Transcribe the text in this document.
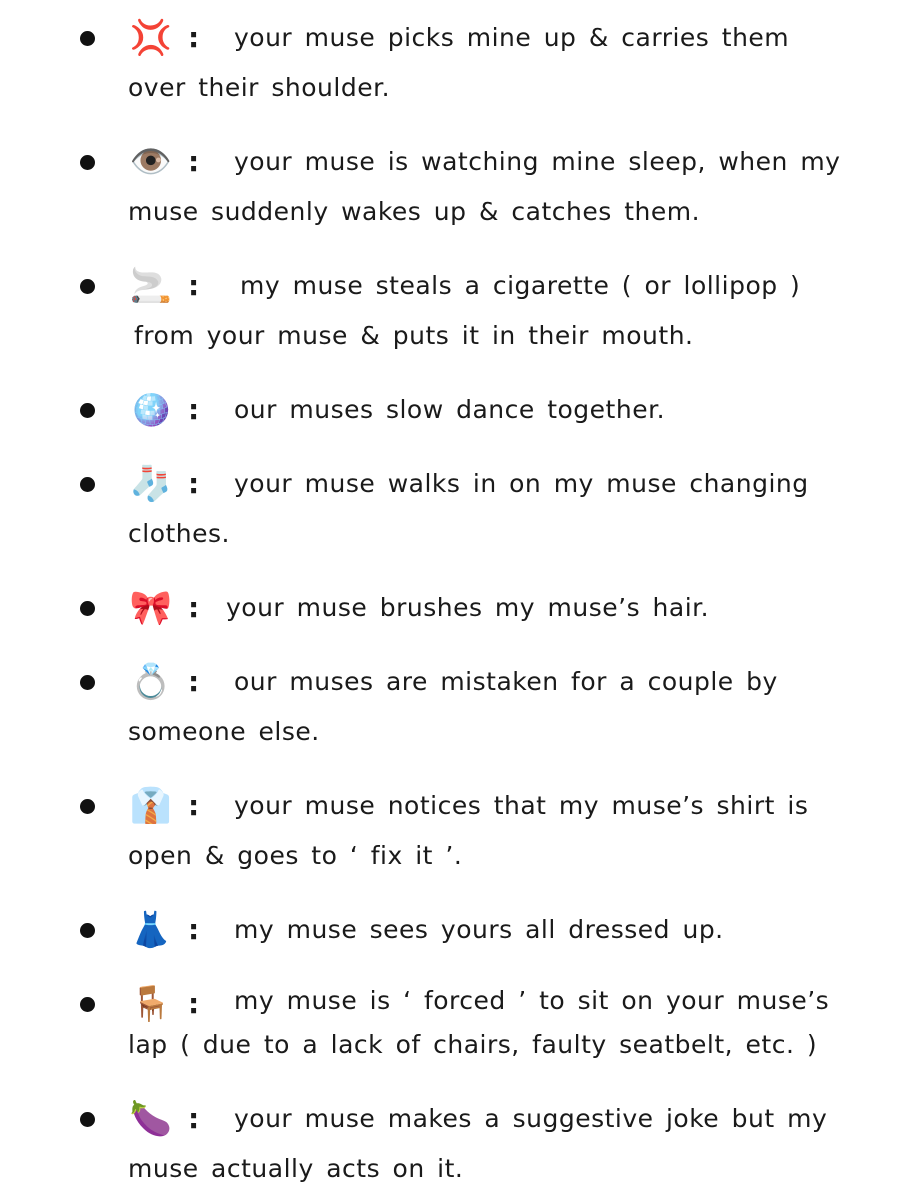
💢 :	your muse picks mine up & carries them over their shoulder.
👁️ :	your muse is watching mine sleep, when my muse suddenly wakes up & catches them.
🚬 :	my muse steals a cigarette ( or lollipop ) from your muse & puts it in their mouth.
🪩 :	our muses slow dance together.
🧦 :	your muse walks in on my muse changing clothes.
🎀 :	your muse brushes my muse’s hair.
💍 :	our muses are mistaken for a couple by someone else.
👔 :	your muse notices that my muse’s shirt is open & goes to ‘ fix it ’.
👗 :	my muse sees yours all dressed up.
🪑 :	my muse is ‘ forced ’ to sit on your muse’s lap ( due to a lack of chairs, faulty seatbelt, etc. )
🍆 :	your muse makes a suggestive joke but my muse actually acts on it.
